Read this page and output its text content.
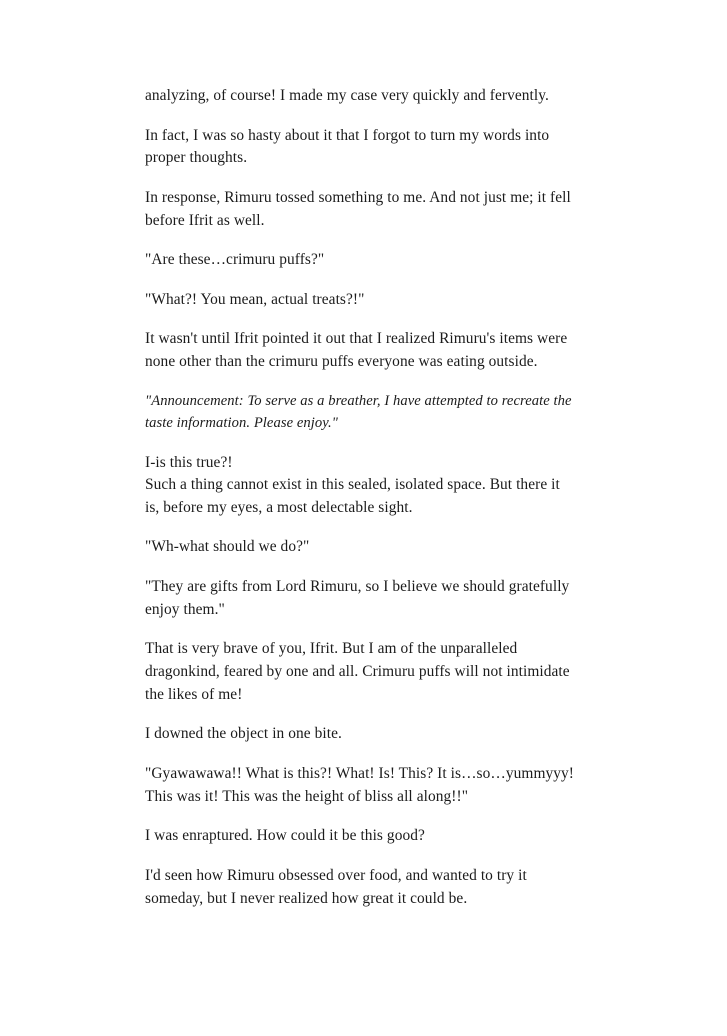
analyzing, of course! I made my case very quickly and fervently.

In fact, I was so hasty about it that I forgot to turn my words into proper thoughts.

In response, Rimuru tossed something to me. And not just me; it fell before Ifrit as well.

"Are these…crimuru puffs?"

"What?! You mean, actual treats?!"

It wasn't until Ifrit pointed it out that I realized Rimuru's items were none other than the crimuru puffs everyone was eating outside.

"Announcement: To serve as a breather, I have attempted to recreate the taste information. Please enjoy."

I-is this true?!
Such a thing cannot exist in this sealed, isolated space. But there it is, before my eyes, a most delectable sight.

"Wh-what should we do?"

"They are gifts from Lord Rimuru, so I believe we should gratefully enjoy them."

That is very brave of you, Ifrit. But I am of the unparalleled dragonkind, feared by one and all. Crimuru puffs will not intimidate the likes of me!

I downed the object in one bite.

"Gyawawawa!! What is this?! What! Is! This? It is…so…yummyyy! This was it! This was the height of bliss all along!!"

I was enraptured. How could it be this good?

I'd seen how Rimuru obsessed over food, and wanted to try it someday, but I never realized how great it could be.
